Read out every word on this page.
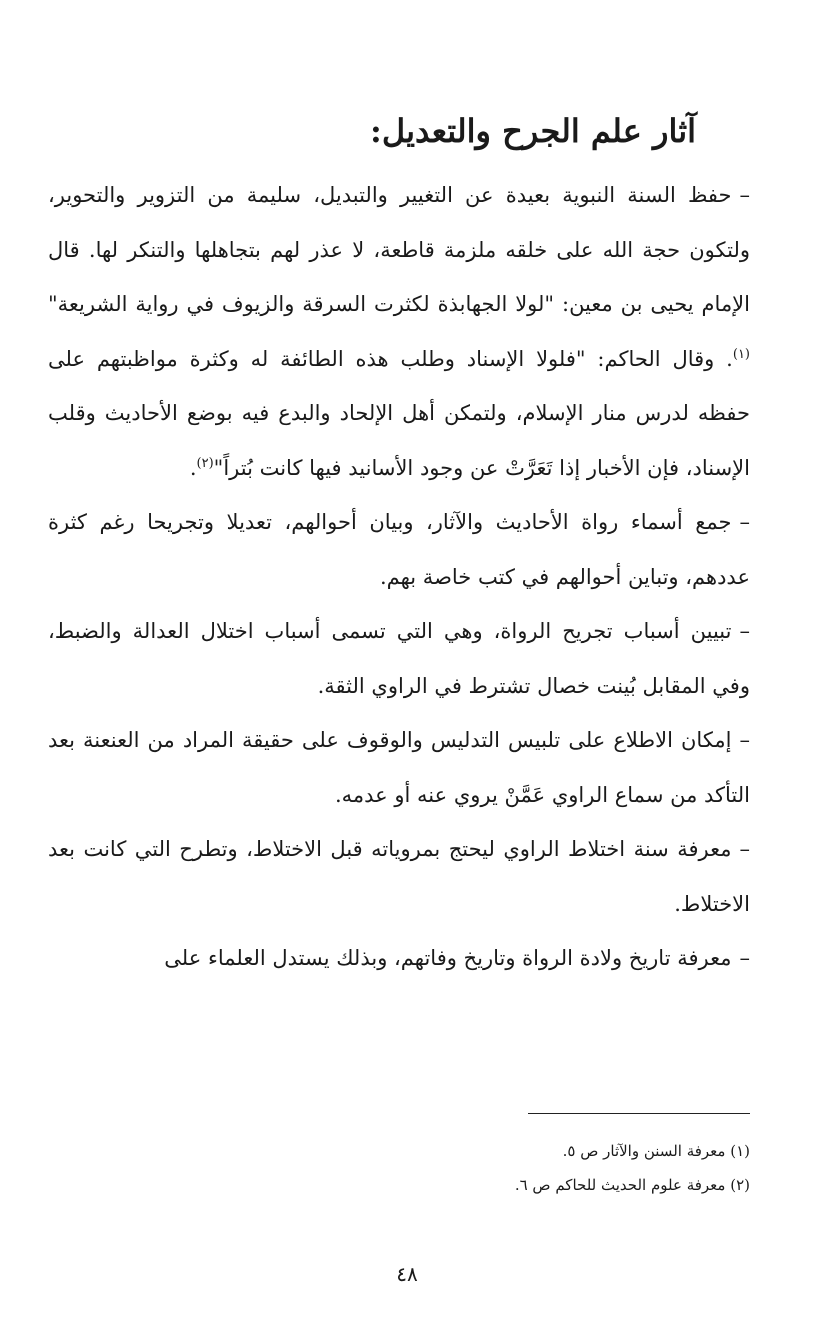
آثار علم الجرح والتعديل:

–حفظ السنة النبوية بعيدة عن التغيير والتبديل، سليمة من التزوير والتحوير، ولتكون حجة الله على خلقه ملزمة قاطعة، لا عذر لهم بتجاهلها والتنكر لها. قال الإمام يحيى بن معين: "لولا الجهابذة لكثرت السرقة والزيوف في رواية الشريعة"$^{(١)}$. وقال الحاكم: "فلولا الإسناد وطلب هذه الطائفة له وكثرة مواظبتهم على حفظه لدرس منار الإسلام، ولتمكن أهل الإلحاد والبدع فيه بوضع الأحاديث وقلب الإسناد، فإن الأخبار إذا تَعَرَّتْ عن وجود الأسانيد فيها كانت بُتراً"$^{(٢)}$.

–جمع أسماء رواة الأحاديث والآثار، وبيان أحوالهم، تعديلا وتجريحا رغم كثرة عددهم، وتباين أحوالهم في كتب خاصة بهم.

–تبيين أسباب تجريح الرواة، وهي التي تسمى أسباب اختلال العدالة والضبط، وفي المقابل بُينت خصال تشترط في الراوي الثقة.

–إمكان الاطلاع على تلبيس التدليس والوقوف على حقيقة المراد من العنعنة بعد التأكد من سماع الراوي عَمَّنْ يروي عنه أو عدمه.

–معرفة سنة اختلاط الراوي ليحتج بمروياته قبل الاختلاط، وتطرح التي كانت بعد الاختلاط.

–معرفة تاريخ ولادة الرواة وتاريخ وفاتهم، وبذلك يستدل العلماء على

(١) معرفة السنن والآثار ص ٥.

(٢) معرفة علوم الحديث للحاكم ص ٦.

٤٨
